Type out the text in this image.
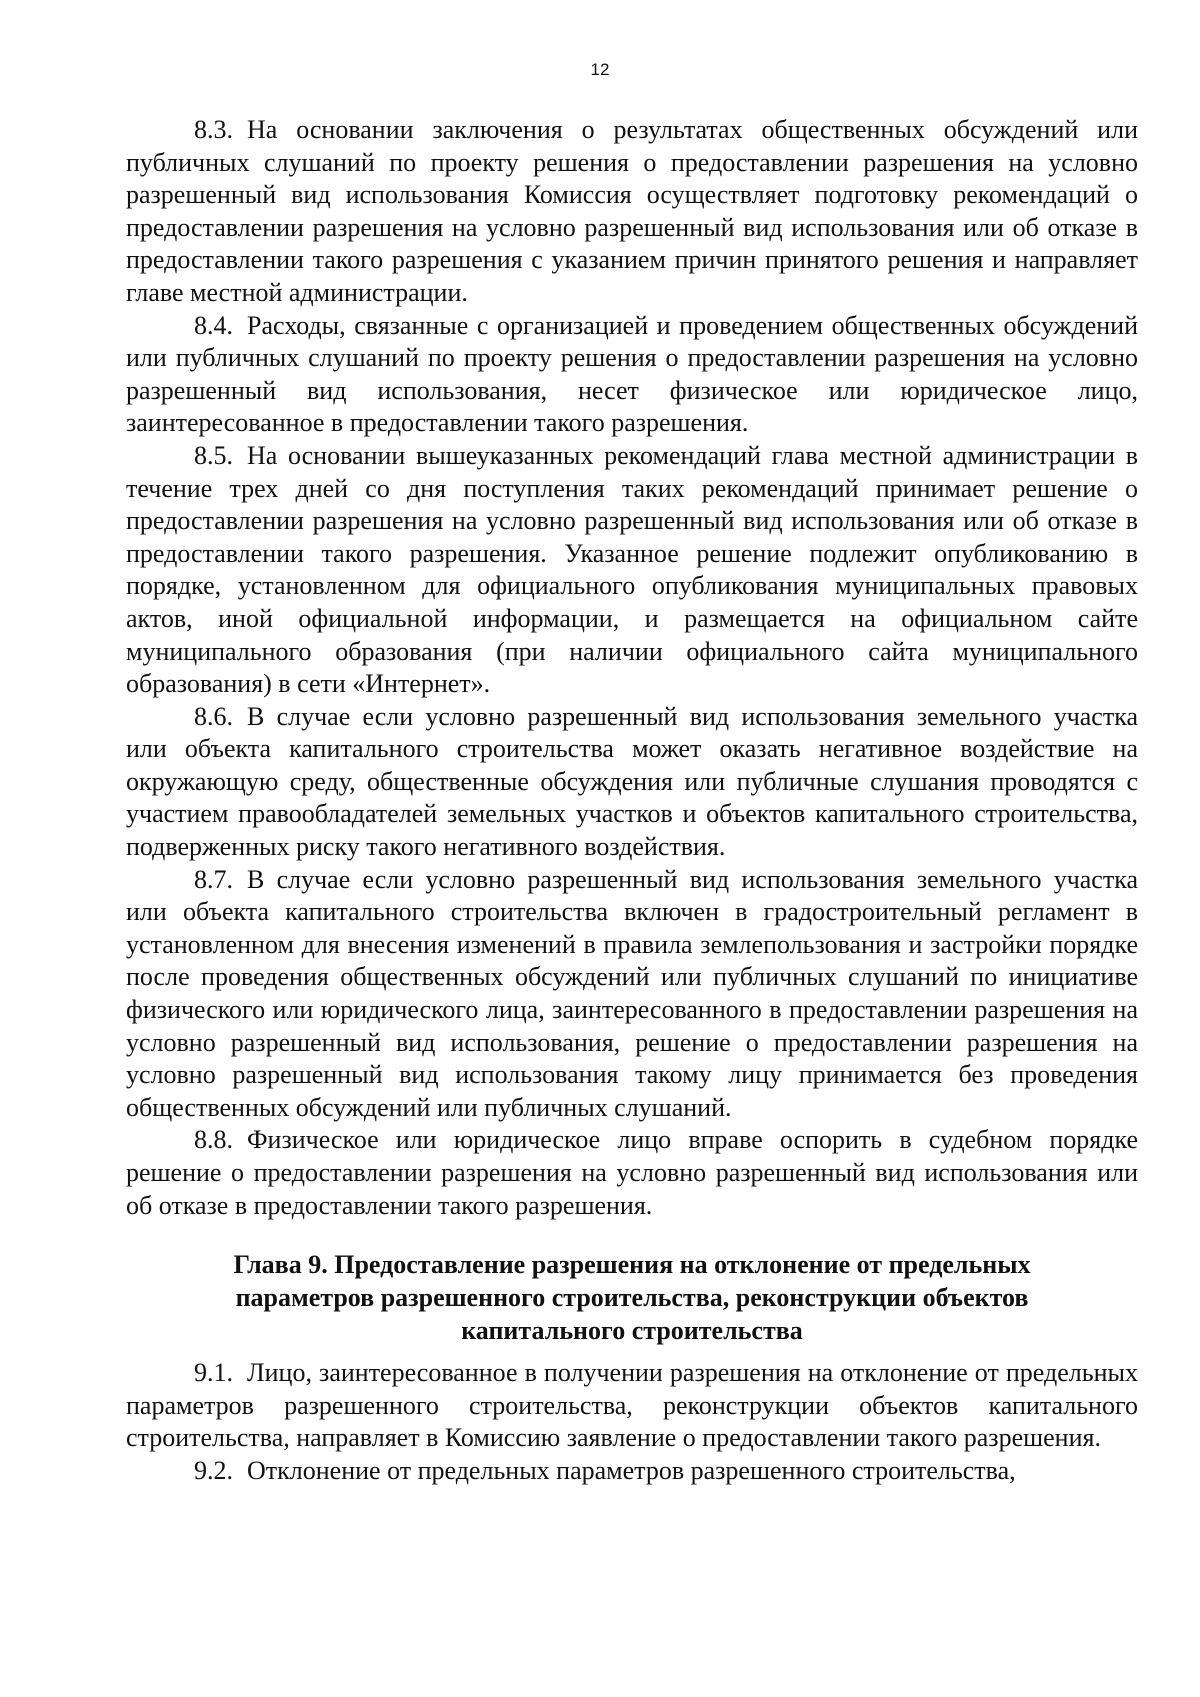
12

8.3. На основании заключения о результатах общественных обсуждений или публичных слушаний по проекту решения о предоставлении разрешения на условно разрешенный вид использования Комиссия осуществляет подготовку рекомендаций о предоставлении разрешения на условно разрешенный вид использования или об отказе в предоставлении такого разрешения с указанием причин принятого решения и направляет главе местной администрации.

8.4. Расходы, связанные с организацией и проведением общественных обсуждений или публичных слушаний по проекту решения о предоставлении разрешения на условно разрешенный вид использования, несет физическое или юридическое лицо, заинтересованное в предоставлении такого разрешения.

8.5. На основании вышеуказанных рекомендаций глава местной администрации в течение трех дней со дня поступления таких рекомендаций принимает решение о предоставлении разрешения на условно разрешенный вид использования или об отказе в предоставлении такого разрешения. Указанное решение подлежит опубликованию в порядке, установленном для официального опубликования муниципальных правовых актов, иной официальной информации, и размещается на официальном сайте муниципального образования (при наличии официального сайта муниципального образования) в сети «Интернет».

8.6. В случае если условно разрешенный вид использования земельного участка или объекта капитального строительства может оказать негативное воздействие на окружающую среду, общественные обсуждения или публичные слушания проводятся с участием правообладателей земельных участков и объектов капитального строительства, подверженных риску такого негативного воздействия.

8.7. В случае если условно разрешенный вид использования земельного участка или объекта капитального строительства включен в градостроительный регламент в установленном для внесения изменений в правила землепользования и застройки порядке после проведения общественных обсуждений или публичных слушаний по инициативе физического или юридического лица, заинтересованного в предоставлении разрешения на условно разрешенный вид использования, решение о предоставлении разрешения на условно разрешенный вид использования такому лицу принимается без проведения общественных обсуждений или публичных слушаний.

8.8. Физическое или юридическое лицо вправе оспорить в судебном порядке решение о предоставлении разрешения на условно разрешенный вид использования или об отказе в предоставлении такого разрешения.

Глава 9. Предоставление разрешения на отклонение от предельных параметров разрешенного строительства, реконструкции объектов капитального строительства

9.1. Лицо, заинтересованное в получении разрешения на отклонение от предельных параметров разрешенного строительства, реконструкции объектов капитального строительства, направляет в Комиссию заявление о предоставлении такого разрешения.

9.2. Отклонение от предельных параметров разрешенного строительства,
